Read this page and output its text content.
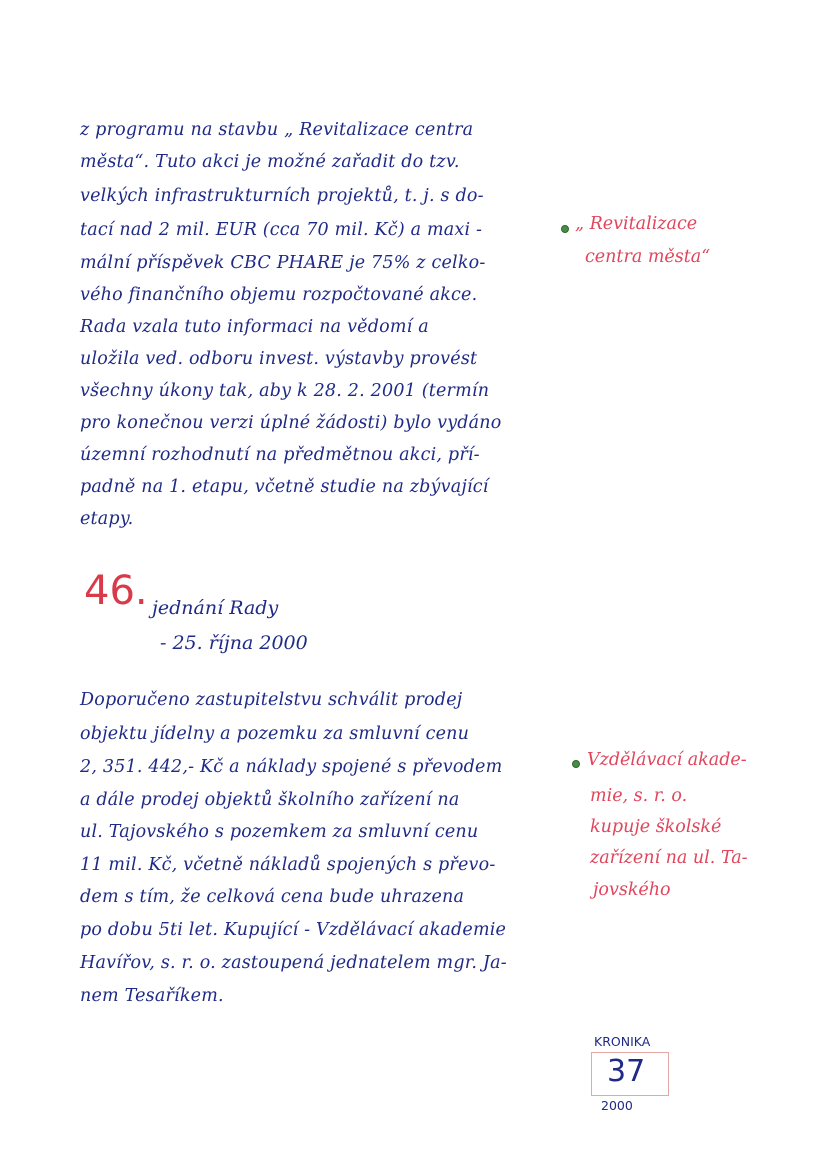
z programu na stavbu „ Revitalizace centra
města“. Tuto akci je možné zařadit do tzv.
velkých infrastrukturních projektů, t. j. s do-
tací nad 2 mil. EUR (cca 70 mil. Kč) a maxi -
mální příspěvek CBC PHARE je 75% z celko-
vého finančního objemu rozpočtované akce.
Rada vzala tuto informaci na vědomí a
uložila ved. odboru invest. výstavby provést
všechny úkony tak, aby k 28. 2. 2001 (termín
pro konečnou verzi úplné žádosti) bylo vydáno
územní rozhodnutí na předmětnou akci, pří-
padně na 1. etapu, včetně studie na zbývající
etapy.
„ Revitalizace
centra města“
46. jednání Rady
- 25. října 2000
Doporučeno zastupitelstvu schválit prodej
objektu jídelny a pozemku za smluvní cenu
2, 351. 442,- Kč a náklady spojené s převodem
a dále prodej objektů školního zařízení na
ul. Tajovského s pozemkem za smluvní cenu
11 mil. Kč, včetně nákladů spojených s převo-
dem s tím, že celková cena bude uhrazena
po dobu 5ti let. Kupující - Vzdělávací akademie
Havířov, s. r. o. zastoupená jednatelem mgr. Ja-
nem Tesaříkem.
Vzdělávací akade-
mie, s. r. o.
kupuje školské
zařízení na ul. Ta-
jovského
KRONIKA
37
2000
